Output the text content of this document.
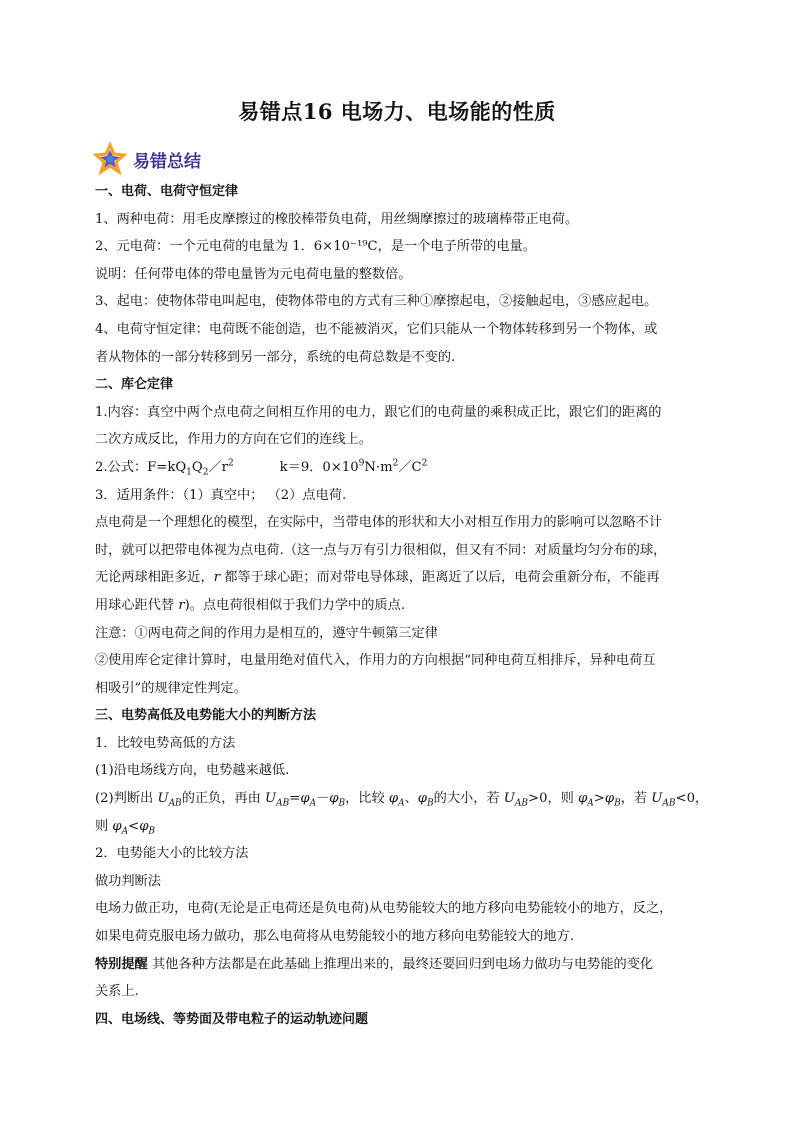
易错点16 电场力、电场能的性质
易错总结
一、电荷、电荷守恒定律
1、两种电荷：用毛皮摩擦过的橡胶棒带负电荷，用丝绸摩擦过的玻璃棒带正电荷。
2、元电荷：一个元电荷的电量为 1．6×10⁻¹⁹C，是一个电子所带的电量。
说明：任何带电体的带电量皆为元电荷电量的整数倍。
3、起电：使物体带电叫起电，使物体带电的方式有三种①摩擦起电，②接触起电，③感应起电。
4、电荷守恒定律：电荷既不能创造，也不能被消灭，它们只能从一个物体转移到另一个物体，或
者从物体的一部分转移到另一部分，系统的电荷总数是不变的.
二、库仑定律
1.内容：真空中两个点电荷之间相互作用的电力，跟它们的电荷量的乘积成正比，跟它们的距离的
二次方成反比，作用力的方向在它们的连线上。
2.公式：$F=kQ_1Q_2/r^2$	k＝9．$0\times 10^9N\cdot m^2/C^2$
3．适用条件：（1）真空中； （2）点电荷.
点电荷是一个理想化的模型，在实际中，当带电体的形状和大小对相互作用力的影响可以忽略不计
时，就可以把带电体视为点电荷.（这一点与万有引力很相似，但又有不同：对质量均匀分布的球，
无论两球相距多近，r 都等于球心距；而对带电导体球，距离近了以后，电荷会重新分布，不能再
用球心距代替 r)。点电荷很相似于我们力学中的质点.
注意：①两电荷之间的作用力是相互的，遵守牛顿第三定律
②使用库仑定律计算时，电量用绝对值代入，作用力的方向根据“同种电荷互相排斥，异种电荷互
相吸引”的规律定性判定。
三、电势高低及电势能大小的判断方法
1．比较电势高低的方法
(1)沿电场线方向，电势越来越低.
(2)判断出 $U_{AB}$的正负，再由 $U_{AB}=\varphi_A-\varphi_B$，比较 $\varphi_A$、$\varphi_B$的大小，若 $U_{AB}>0$，则 $\varphi_A>\varphi_B$，若 $U_{AB}<0$，
则 $\varphi_A<\varphi_B$
2．电势能大小的比较方法
做功判断法
电场力做正功，电荷(无论是正电荷还是负电荷)从电势能较大的地方移向电势能较小的地方，反之，
如果电荷克服电场力做功，那么电荷将从电势能较小的地方移向电势能较大的地方.
特别提醒 其他各种方法都是在此基础上推理出来的，最终还要回归到电场力做功与电势能的变化
关系上.
四、电场线、等势面及带电粒子的运动轨迹问题
